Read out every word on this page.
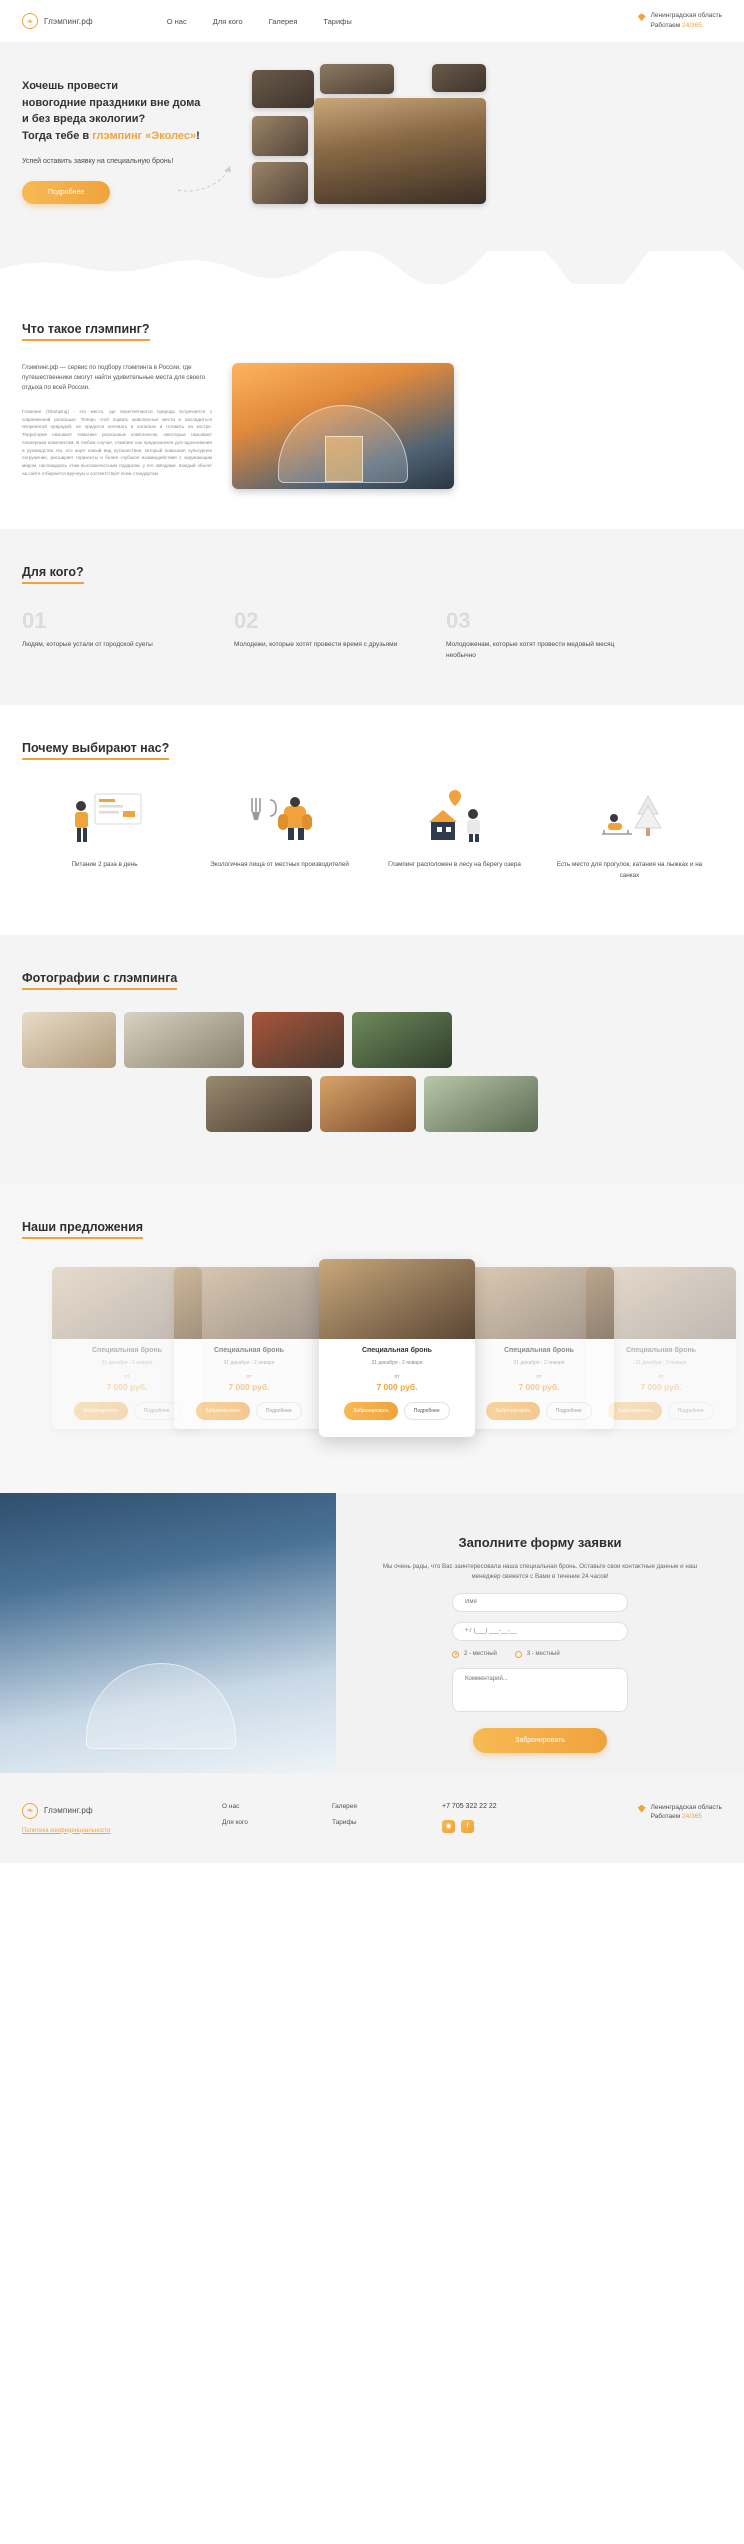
❧	Глэмпинг.рф	О нас	Для кого	Галерея	Тарифы
Ленинградская область
Работаем 24/365
Хочешь провести
новогодние праздники вне дома
и без вреда экологии?
Тогда тебе в глэмпинг «Эколес»!
Успей оставить заявку на специальную бронь!
Подробнее
Что такое глэмпинг?
Глэмпинг.рф — сервис по подбору глэмпинга в России, где путешественники смогут найти удивительные места для своего отдыха по всей России.
Глэмпинг (Glamping) - это место, где переплетаются природа встречается с современной роскошью. Теперь чтоб ощвать живописные места и насладиться непринятой природой, не придется ночевать в палатках и готовить на костре. Территория называет тематике роскошные комплексом, некоторые называют планерным комплектом. В любом случае, глэмпинг как предназначен для вдохновения и руководства тех, кто ищет новый вид путешествия, который повышает культурное погружение, расширяет горизонты и более глубокое взаимодействие с окружающим миром, наслаждаясь этим высококлассным подарком, у его звёздами. Каждый объект на сайте отбирается вручную и соответствует всем стандартам.
Для кого?
01
Людям, которые устали от городской суеты
02
Молодежи, которые хотят провести время с друзьями
03
Молодоженам, которые хотят провести медовый месяц необычно
Почему выбирают нас?
Питание 2 раза в день	Экологичная пища от местных производителей	Глэмпинг расположен в лесу на берегу озера	Есть место для прогулок, катания на лыжках и на санках
Фотографии с глэмпинга
Наши предложения
Специальная бронь
31 декабря - 2 января
от
7 000 руб.
Забронировать	Подробнее
Специальная бронь
31 декабря - 2 января
от
7 000 руб.
Забронировать	Подробнее
Специальная бронь
31 декабря - 2 января
от
7 000 руб.
Забронировать	Подробнее
Специальная бронь
31 декабря - 2 января
от
7 000 руб.
Забронировать	Подробнее
Специальная бронь
31 декабря - 2 января
от
7 000 руб.
Забронировать	Подробнее
Заполните форму заявки
Мы очень рады, что Вас заинтересовала наша специальная бронь. Оставьте свои контактные данные и наш менеджер свяжется с Вами в течение 24 часов!
Имя
+7 (___) ___-__-__
2 - местный	3 - местный
Комментарий...
Забронировать
❧	Глэмпинг.рф
Политика конфиденциальности
О нас
Для кого
Галерея
Тарифы
+7 705 322 22 22
◉	f
Ленинградская область
Работаем 24/365
